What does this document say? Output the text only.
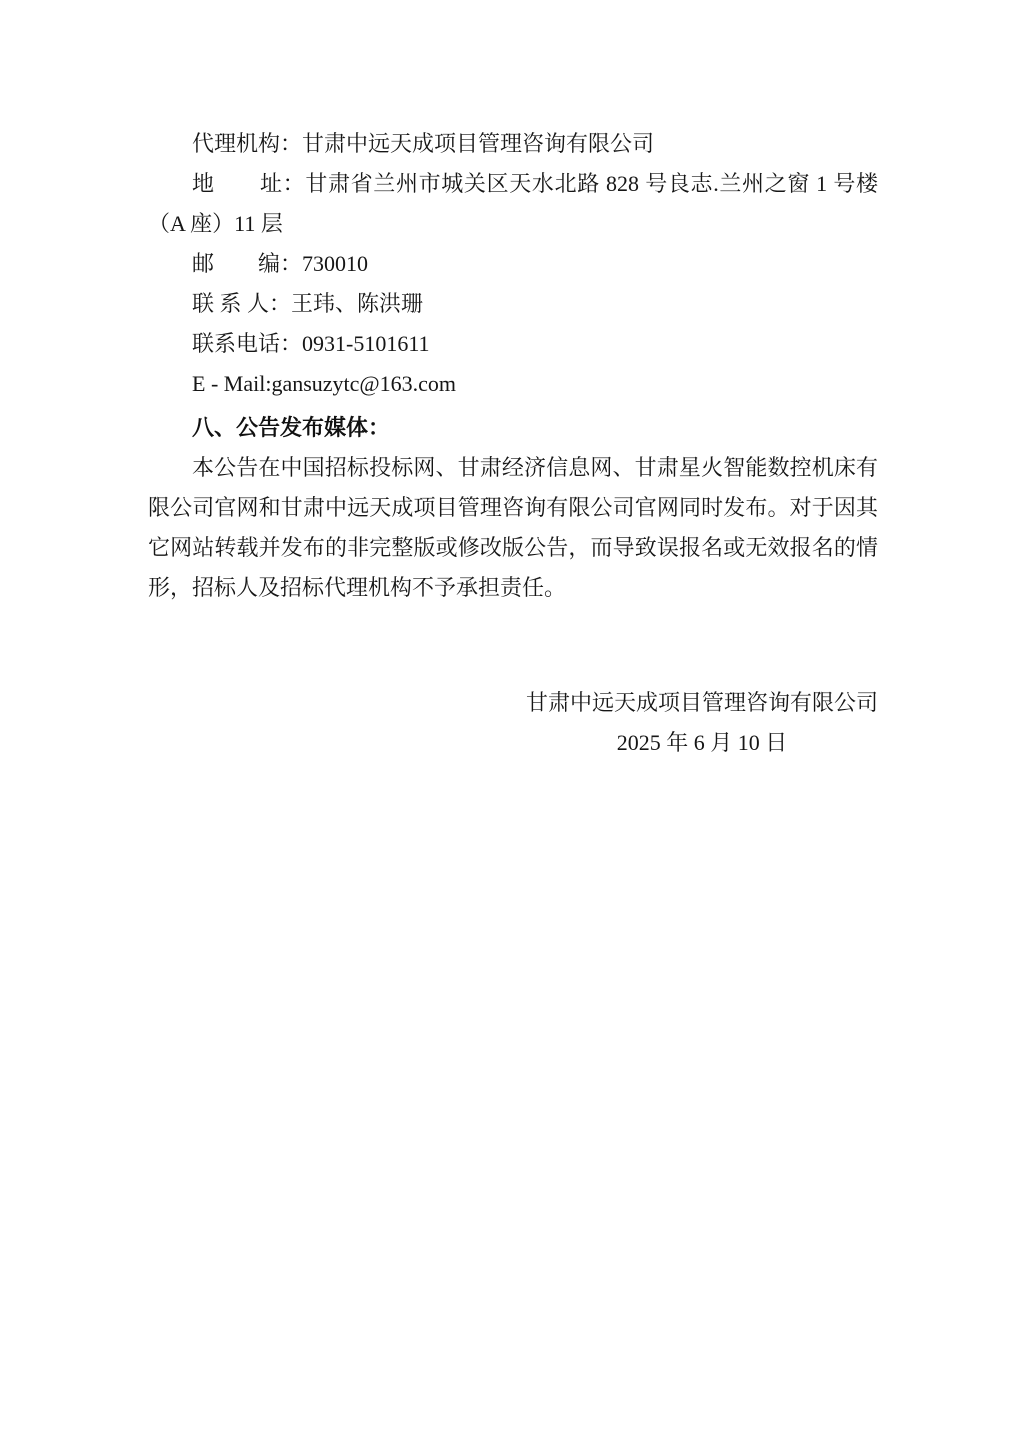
代理机构：甘肃中远天成项目管理咨询有限公司

地　　址：甘肃省兰州市城关区天水北路 828 号良志.兰州之窗 1 号楼（A 座）11 层

邮　　编：730010

联 系 人：王玮、陈洪珊

联系电话：0931-5101611

E - Mail:gansuzytc@163.com

八、公告发布媒体：

本公告在中国招标投标网、甘肃经济信息网、甘肃星火智能数控机床有限公司官网和甘肃中远天成项目管理咨询有限公司官网同时发布。对于因其它网站转载并发布的非完整版或修改版公告，而导致误报名或无效报名的情形，招标人及招标代理机构不予承担责任。

甘肃中远天成项目管理咨询有限公司

2025 年 6 月 10 日
